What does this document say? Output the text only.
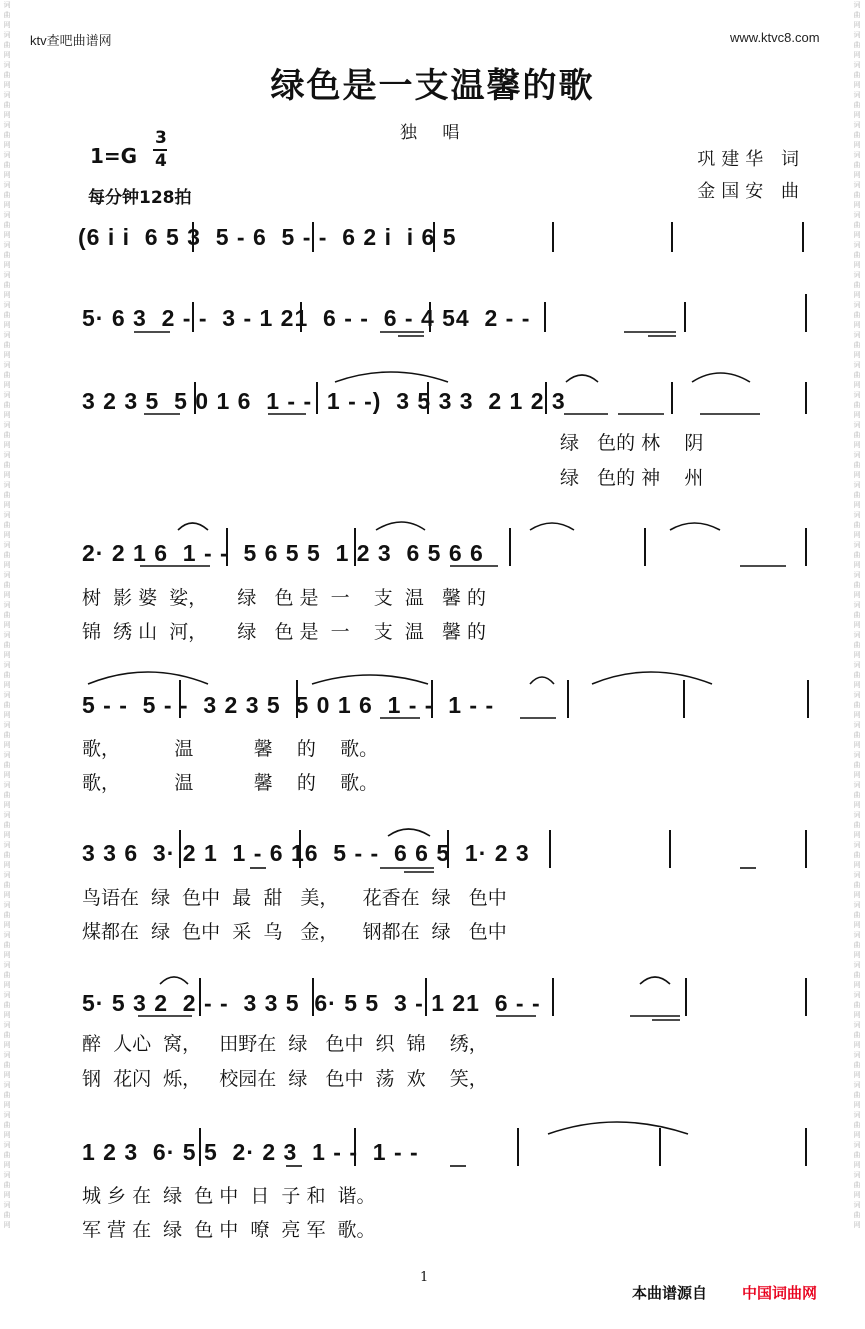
词曲网词曲网词曲网词曲网词曲网词曲网词曲网词曲网词曲网词曲网词曲网词曲网词曲网词曲网词曲网词曲网词曲网词曲网词曲网词曲网词曲网词曲网词曲网词曲网词曲网词曲网词曲网词曲网词曲网词曲网词曲网词曲网词曲网词曲网词曲网词曲网词曲网词曲网词曲网词曲网词曲网
词曲网词曲网词曲网词曲网词曲网词曲网词曲网词曲网词曲网词曲网词曲网词曲网词曲网词曲网词曲网词曲网词曲网词曲网词曲网词曲网词曲网词曲网词曲网词曲网词曲网词曲网词曲网词曲网词曲网词曲网词曲网词曲网词曲网词曲网词曲网词曲网词曲网词曲网词曲网词曲网词曲网
ktv查吧曲谱网	www.ktvc8.com
绿色是一支温馨的歌
独 唱
1=G
3
4
每分钟128拍
巩建华 词
金国安 曲
(6 i i  6 5 3  5 - 6  5 - -  6 2 i  i 6 5
5· 6 3  2 - -  3 - 1 21  6 - -  6 - 4 54  2 - -
3 2 3 5  5 0 1 6  1 - -  1 - -)  3 5 3 3  2 1 2 3
绿   色的 林    阴
绿   色的 神    州
2· 2 1 6  1 - -  5 6 5 5  1 2 3  6 5 6 6
树  影 婆  娑，     绿   色 是  一    支  温   馨 的
锦  绣 山  河，     绿   色 是  一    支  温   馨 的
5 - -  5 - -  3 2 3 5  5 0 1 6  1 - -  1 - -
歌，         温          馨    的    歌。
歌，         温          馨    的    歌。
3 3 6  3· 2 1  1 - 6 16  5 - -  6 6 5  1· 2 3
鸟语在  绿  色中  最  甜   美，    花香在  绿   色中
煤都在  绿  色中  采  乌   金，    钢都在  绿   色中
5· 5 3 2  2 - -  3 3 5  6· 5 5  3 - 1 21  6 - -
醉  人心  窝，   田野在  绿   色中  织  锦    绣，
钢  花闪  烁，   校园在  绿   色中  荡  欢    笑，
1 2 3  6· 5 5  2· 2 3  1 - -  1 - -
城 乡 在  绿  色 中  日  子 和  谐。
军 营 在  绿  色 中  嘹  亮 军  歌。
1
本曲谱源自 中国词曲网
